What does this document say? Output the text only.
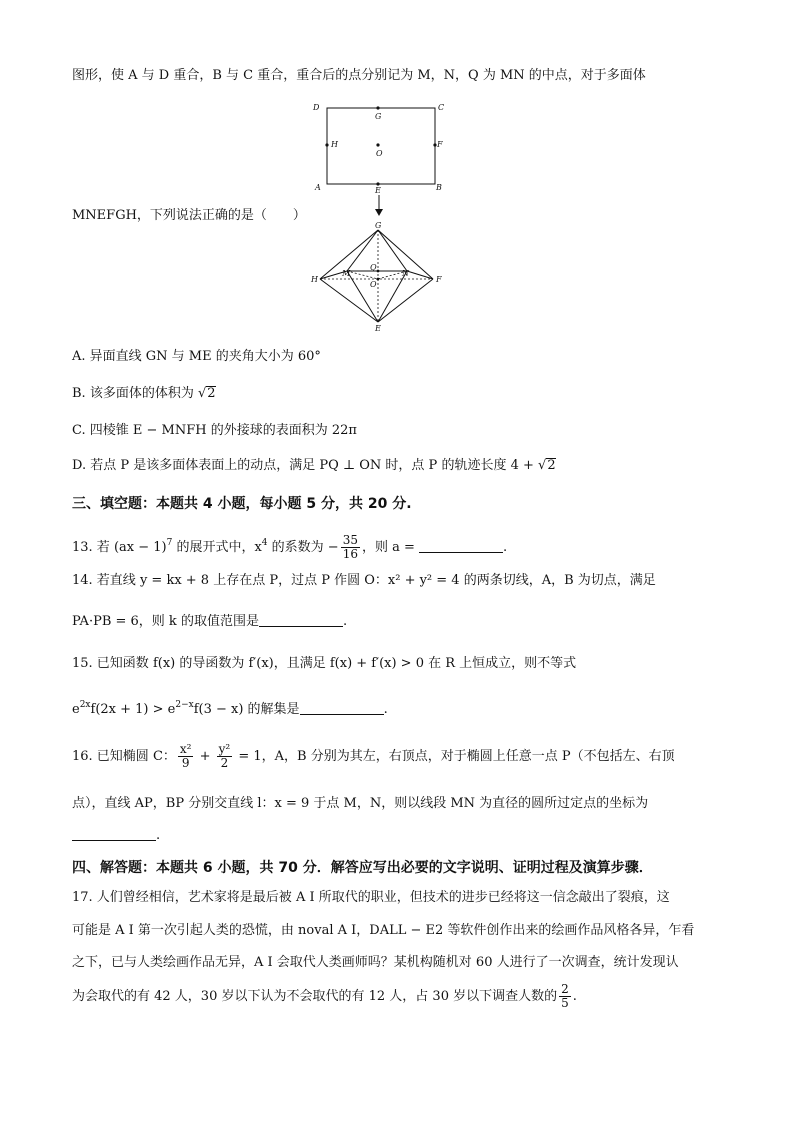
图形，使 A 与 D 重合，B 与 C 重合，重合后的点分别记为 M，N，Q 为 MN 的中点，对于多面体
D
G
C
H
O
F
A	E	B
MNEFGH，下列说法正确的是（　　）
G
H
M
Q
N
O
F
E
A. 异面直线 GN 与 ME 的夹角大小为 60°
B. 该多面体的体积为 √2
C. 四棱锥 E − MNFH 的外接球的表面积为 22π
D. 若点 P 是该多面体表面上的动点，满足 PQ ⊥ ON 时，点 P 的轨迹长度 4 + √2
三、填空题：本题共 4 小题，每小题 5 分，共 20 分.
13. 若 (ax − 1)$^7$ 的展开式中，$x^4$ 的系数为 − $\frac{35}{16}$ ，则 a =	.
14. 若直线 y = kx + 8 上存在点 P，过点 P 作圆 O：x² + y² = 4 的两条切线，A，B 为切点，满足
PA·PB = 6，则 k 的取值范围是	.
15. 已知函数 f(x) 的导函数为 f′(x)，且满足 f(x) + f′(x) > 0 在 R 上恒成立，则不等式
$e^{2x}f(2x + 1) > e^{2-x}f(3 - x)$ 的解集是	.
16. 已知椭圆 C： $\frac{\text{x²}}{9} + \frac{\text{y²}}{2} = 1$，A，B 分别为其左，右顶点，对于椭圆上任意一点 P（不包括左、右顶
点），直线 AP，BP 分别交直线 l：x = 9 于点 M，N，则以线段 MN 为直径的圆所过定点的坐标为
.
四、解答题：本题共 6 小题，共 70 分．解答应写出必要的文字说明、证明过程及演算步骤．
17. 人们曾经相信，艺术家将是最后被 A I 所取代的职业，但技术的进步已经将这一信念敲出了裂痕，这
可能是 A I 第一次引起人类的恐慌，由 noval A I，DALL − E2 等软件创作出来的绘画作品风格各异，乍看
之下，已与人类绘画作品无异，A I 会取代人类画师吗？某机构随机对 60 人进行了一次调查，统计发现认
为会取代的有 42 人，30 岁以下认为不会取代的有 12 人，占 30 岁以下调查人数的 $\frac{2}{5}$ .
